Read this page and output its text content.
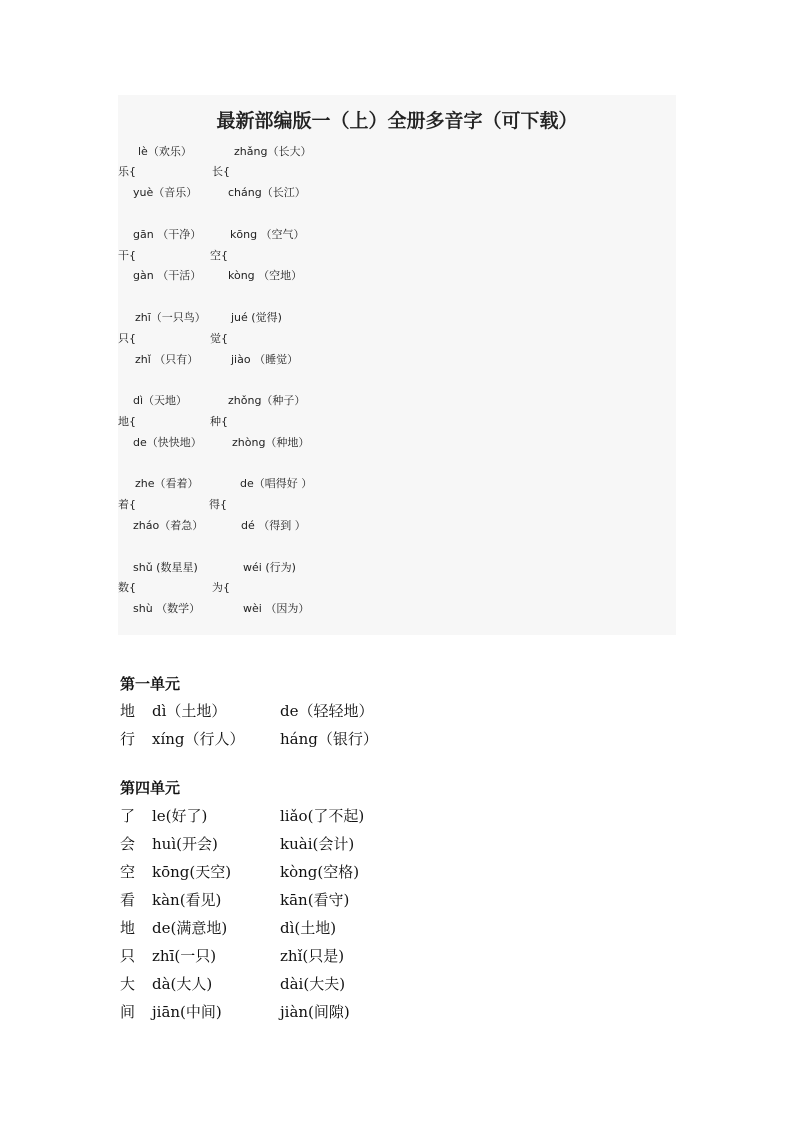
最新部编版一（上）全册多音字（可下载）
lè（欢乐）
乐{
yuè（音乐）
zhǎng（长大）
长{
cháng（长江）
gān （干净）
干{
gàn （干活）
kōng （空气）
空{
kòng （空地）
zhī（一只鸟）
只{
zhǐ （只有）
jué (觉得)
觉{
jiào （睡觉）
dì（天地）
地{
de（快快地）
zhǒng（种子）
种{
zhòng（种地）
zhe（看着）
着{
zháo（着急）
de（唱得好 ）
得{
dé （得到 ）
shǔ (数星星)
数{
shù （数学）
wéi (行为)
为{
wèi （因为）
第一单元
地 dì（土地）	de（轻轻地）
行 xíng（行人） háng（银行）
第四单元
了 le(好了)	liǎo(了不起)
会 huì(开会)	kuài(会计)
空 kōng(天空)	kòng(空格)
看 kàn(看见)	kān(看守)
地 de(满意地)	dì(土地)
只 zhī(一只)	zhǐ(只是)
大 dà(大人)	dài(大夫)
间 jiān(中间)	jiàn(间隙)
